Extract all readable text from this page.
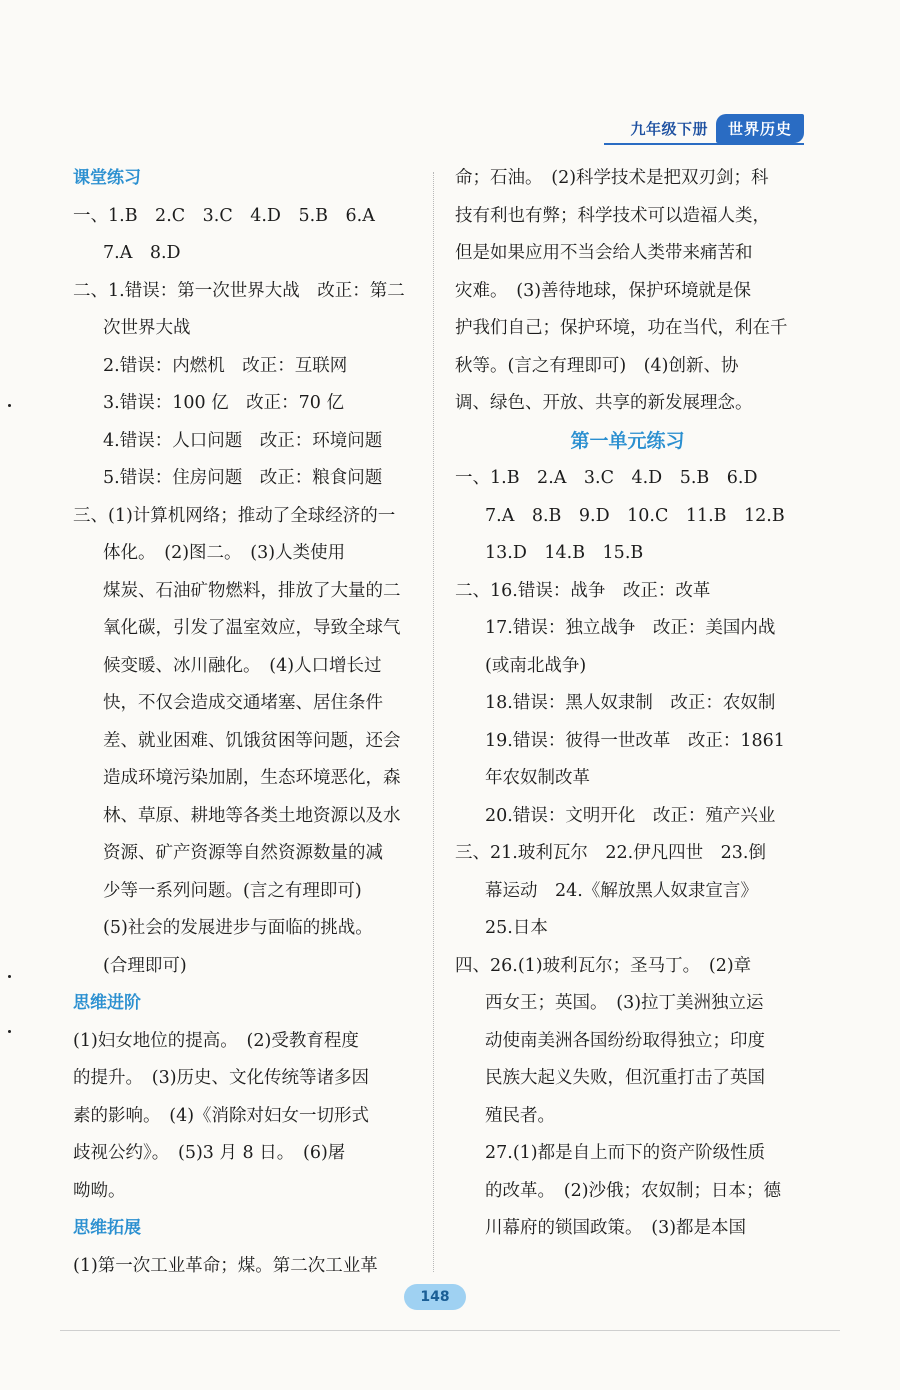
九年级下册	世界历史
课堂练习
一、1.B　2.C　3.C　4.D　5.B　6.A
7.A　8.D
二、1.错误：第一次世界大战　改正：第二
次世界大战
2.错误：内燃机　改正：互联网
3.错误：100 亿　改正：70 亿
4.错误：人口问题　改正：环境问题
5.错误：住房问题　改正：粮食问题
三、(1)计算机网络；推动了全球经济的一
体化。　(2)图二。　(3)人类使用
煤炭、石油矿物燃料，排放了大量的二
氧化碳，引发了温室效应，导致全球气
候变暖、冰川融化。　(4)人口增长过
快，不仅会造成交通堵塞、居住条件
差、就业困难、饥饿贫困等问题，还会
造成环境污染加剧，生态环境恶化，森
林、草原、耕地等各类土地资源以及水
资源、矿产资源等自然资源数量的减
少等一系列问题。(言之有理即可)
(5)社会的发展进步与面临的挑战。
(合理即可)
思维进阶
(1)妇女地位的提高。　(2)受教育程度
的提升。　(3)历史、文化传统等诸多因
素的影响。　(4)《消除对妇女一切形式
歧视公约》。　(5)3 月 8 日。　(6)屠
呦呦。
思维拓展
(1)第一次工业革命；煤。第二次工业革
命；石油。　(2)科学技术是把双刃剑；科
技有利也有弊；科学技术可以造福人类，
但是如果应用不当会给人类带来痛苦和
灾难。　(3)善待地球，保护环境就是保
护我们自己；保护环境，功在当代，利在千
秋等。(言之有理即可)　(4)创新、协
调、绿色、开放、共享的新发展理念。
第一单元练习
一、1.B　2.A　3.C　4.D　5.B　6.D
7.A　8.B　9.D　10.C　11.B　12.B
13.D　14.B　15.B
二、16.错误：战争　改正：改革
17.错误：独立战争　改正：美国内战
(或南北战争)
18.错误：黑人奴隶制　改正：农奴制
19.错误：彼得一世改革　改正：1861
年农奴制改革
20.错误：文明开化　改正：殖产兴业
三、21.玻利瓦尔　22.伊凡四世　23.倒
幕运动　24.《解放黑人奴隶宣言》
25.日本
四、26.(1)玻利瓦尔；圣马丁。　(2)章
西女王；英国。　(3)拉丁美洲独立运
动使南美洲各国纷纷取得独立；印度
民族大起义失败，但沉重打击了英国
殖民者。
27.(1)都是自上而下的资产阶级性质
的改革。　(2)沙俄；农奴制；日本；德
川幕府的锁国政策。　(3)都是本国
148
